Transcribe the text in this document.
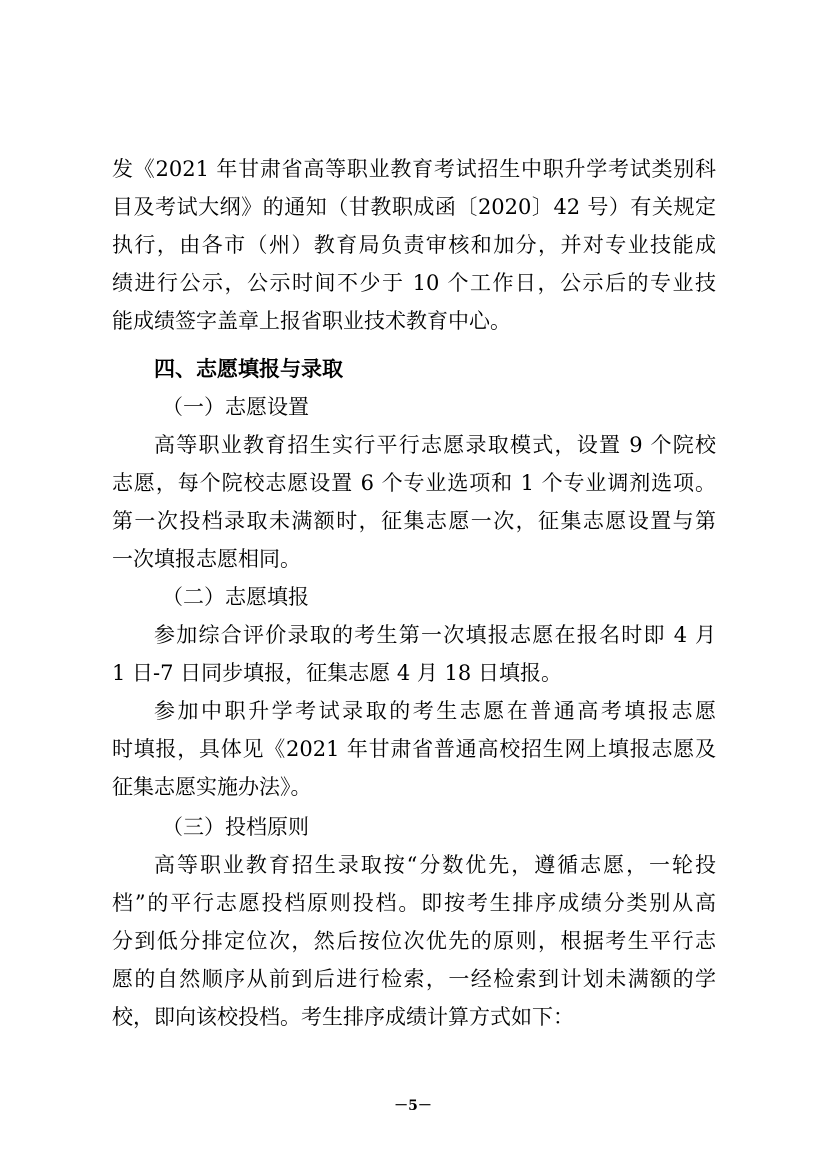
发《2021 年甘肃省高等职业教育考试招生中职升学考试类别科
目及考试大纲》的通知（甘教职成函〔2020〕42 号）有关规定
执行，由各市（州）教育局负责审核和加分，并对专业技能成
绩进行公示，公示时间不少于 10 个工作日，公示后的专业技
能成绩签字盖章上报省职业技术教育中心。
四、志愿填报与录取
（一）志愿设置
高等职业教育招生实行平行志愿录取模式，设置 9 个院校
志愿，每个院校志愿设置 6 个专业选项和 1 个专业调剂选项。
第一次投档录取未满额时，征集志愿一次，征集志愿设置与第
一次填报志愿相同。
（二）志愿填报
参加综合评价录取的考生第一次填报志愿在报名时即 4 月
1 日-7 日同步填报，征集志愿 4 月 18 日填报。
参加中职升学考试录取的考生志愿在普通高考填报志愿
时填报，具体见《2021 年甘肃省普通高校招生网上填报志愿及
征集志愿实施办法》。
（三）投档原则
高等职业教育招生录取按“分数优先，遵循志愿，一轮投
档”的平行志愿投档原则投档。即按考生排序成绩分类别从高
分到低分排定位次，然后按位次优先的原则，根据考生平行志
愿的自然顺序从前到后进行检索，一经检索到计划未满额的学
校，即向该校投档。考生排序成绩计算方式如下：
－5－
